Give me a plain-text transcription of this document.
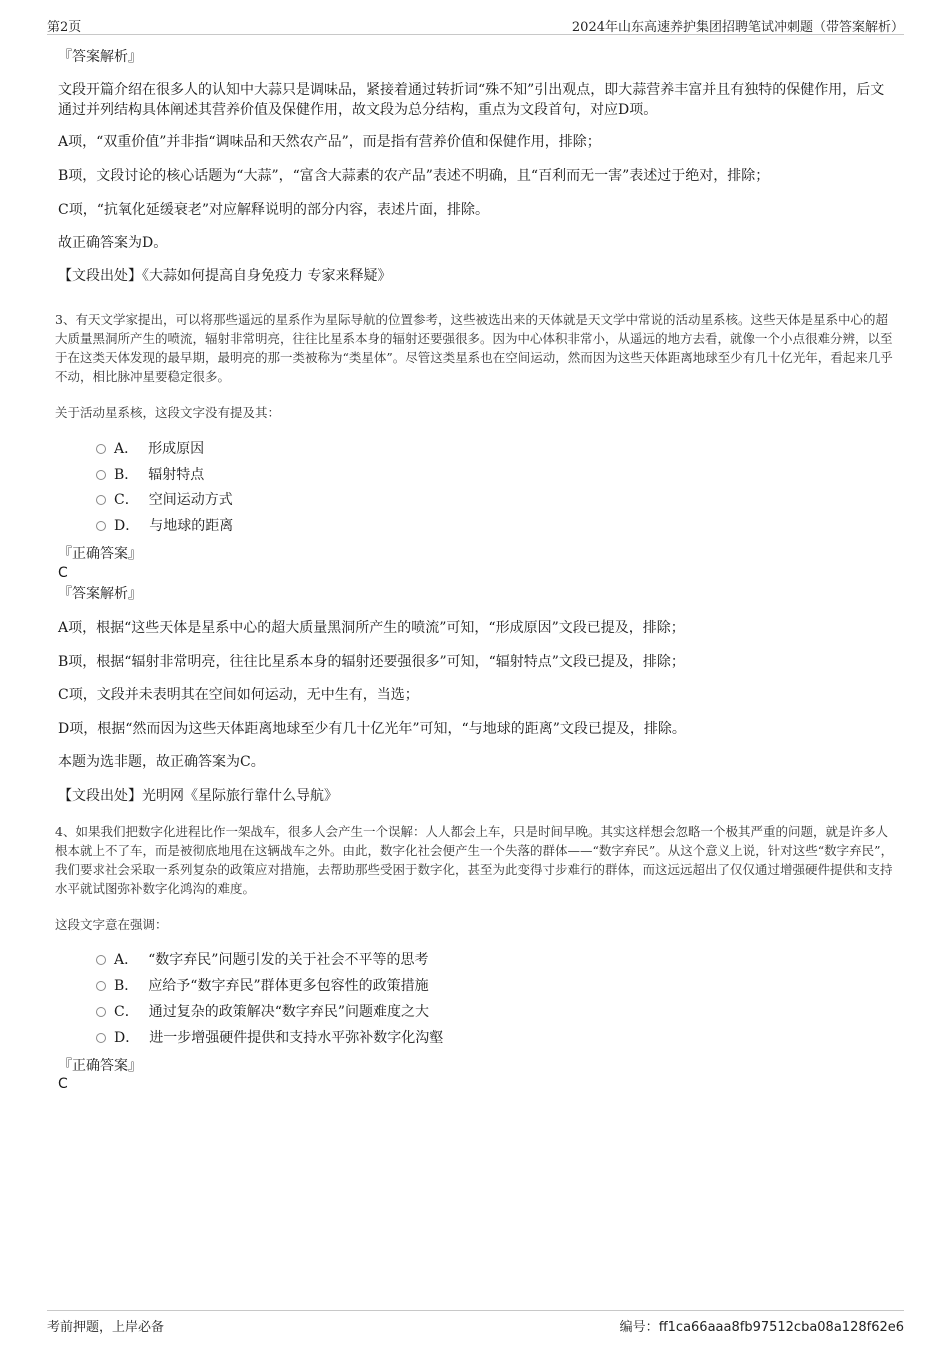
第2页	2024年山东高速养护集团招聘笔试冲刺题（带答案解析）
『答案解析』
文段开篇介绍在很多人的认知中大蒜只是调味品，紧接着通过转折词“殊不知”引出观点，即大蒜营养丰富并且有独特的保健作用，后文通过并列结构具体阐述其营养价值及保健作用，故文段为总分结构，重点为文段首句，对应D项。
A项，“双重价值”并非指“调味品和天然农产品”，而是指有营养价值和保健作用，排除；
B项，文段讨论的核心话题为“大蒜”，“富含大蒜素的农产品”表述不明确，且“百利而无一害”表述过于绝对，排除；
C项，“抗氧化延缓衰老”对应解释说明的部分内容，表述片面，排除。
故正确答案为D。
【文段出处】《大蒜如何提高自身免疫力 专家来释疑》
3、有天文学家提出，可以将那些遥远的星系作为星际导航的位置参考，这些被选出来的天体就是天文学中常说的活动星系核。这些天体是星系中心的超大质量黑洞所产生的喷流，辐射非常明亮，往往比星系本身的辐射还要强很多。因为中心体积非常小，从遥远的地方去看，就像一个小点很难分辨，以至于在这类天体发现的最早期，最明亮的那一类被称为“类星体”。尽管这类星系也在空间运动，然而因为这些天体距离地球至少有几十亿光年，看起来几乎不动，相比脉冲星要稳定很多。
关于活动星系核，这段文字没有提及其：
A． 形成原因
B． 辐射特点
C． 空间运动方式
D． 与地球的距离
『正确答案』
C
『答案解析』
A项，根据“这些天体是星系中心的超大质量黑洞所产生的喷流”可知，“形成原因”文段已提及，排除；
B项，根据“辐射非常明亮，往往比星系本身的辐射还要强很多”可知，“辐射特点”文段已提及，排除；
C项，文段并未表明其在空间如何运动，无中生有，当选；
D项，根据“然而因为这些天体距离地球至少有几十亿光年”可知，“与地球的距离”文段已提及，排除。
本题为选非题，故正确答案为C。
【文段出处】光明网《星际旅行靠什么导航》
4、如果我们把数字化进程比作一架战车，很多人会产生一个误解：人人都会上车，只是时间早晚。其实这样想会忽略一个极其严重的问题，就是许多人根本就上不了车，而是被彻底地甩在这辆战车之外。由此，数字化社会便产生一个失落的群体——“数字弃民”。从这个意义上说，针对这些“数字弃民”，我们要求社会采取一系列复杂的政策应对措施，去帮助那些受困于数字化，甚至为此变得寸步难行的群体，而这远远超出了仅仅通过增强硬件提供和支持水平就试图弥补数字化鸿沟的难度。
这段文字意在强调：
A． “数字弃民”问题引发的关于社会不平等的思考
B． 应给予“数字弃民”群体更多包容性的政策措施
C． 通过复杂的政策解决“数字弃民”问题难度之大
D． 进一步增强硬件提供和支持水平弥补数字化沟壑
『正确答案』
C
考前押题，上岸必备	编号：ff1ca66aaa8fb97512cba08a128f62e6
